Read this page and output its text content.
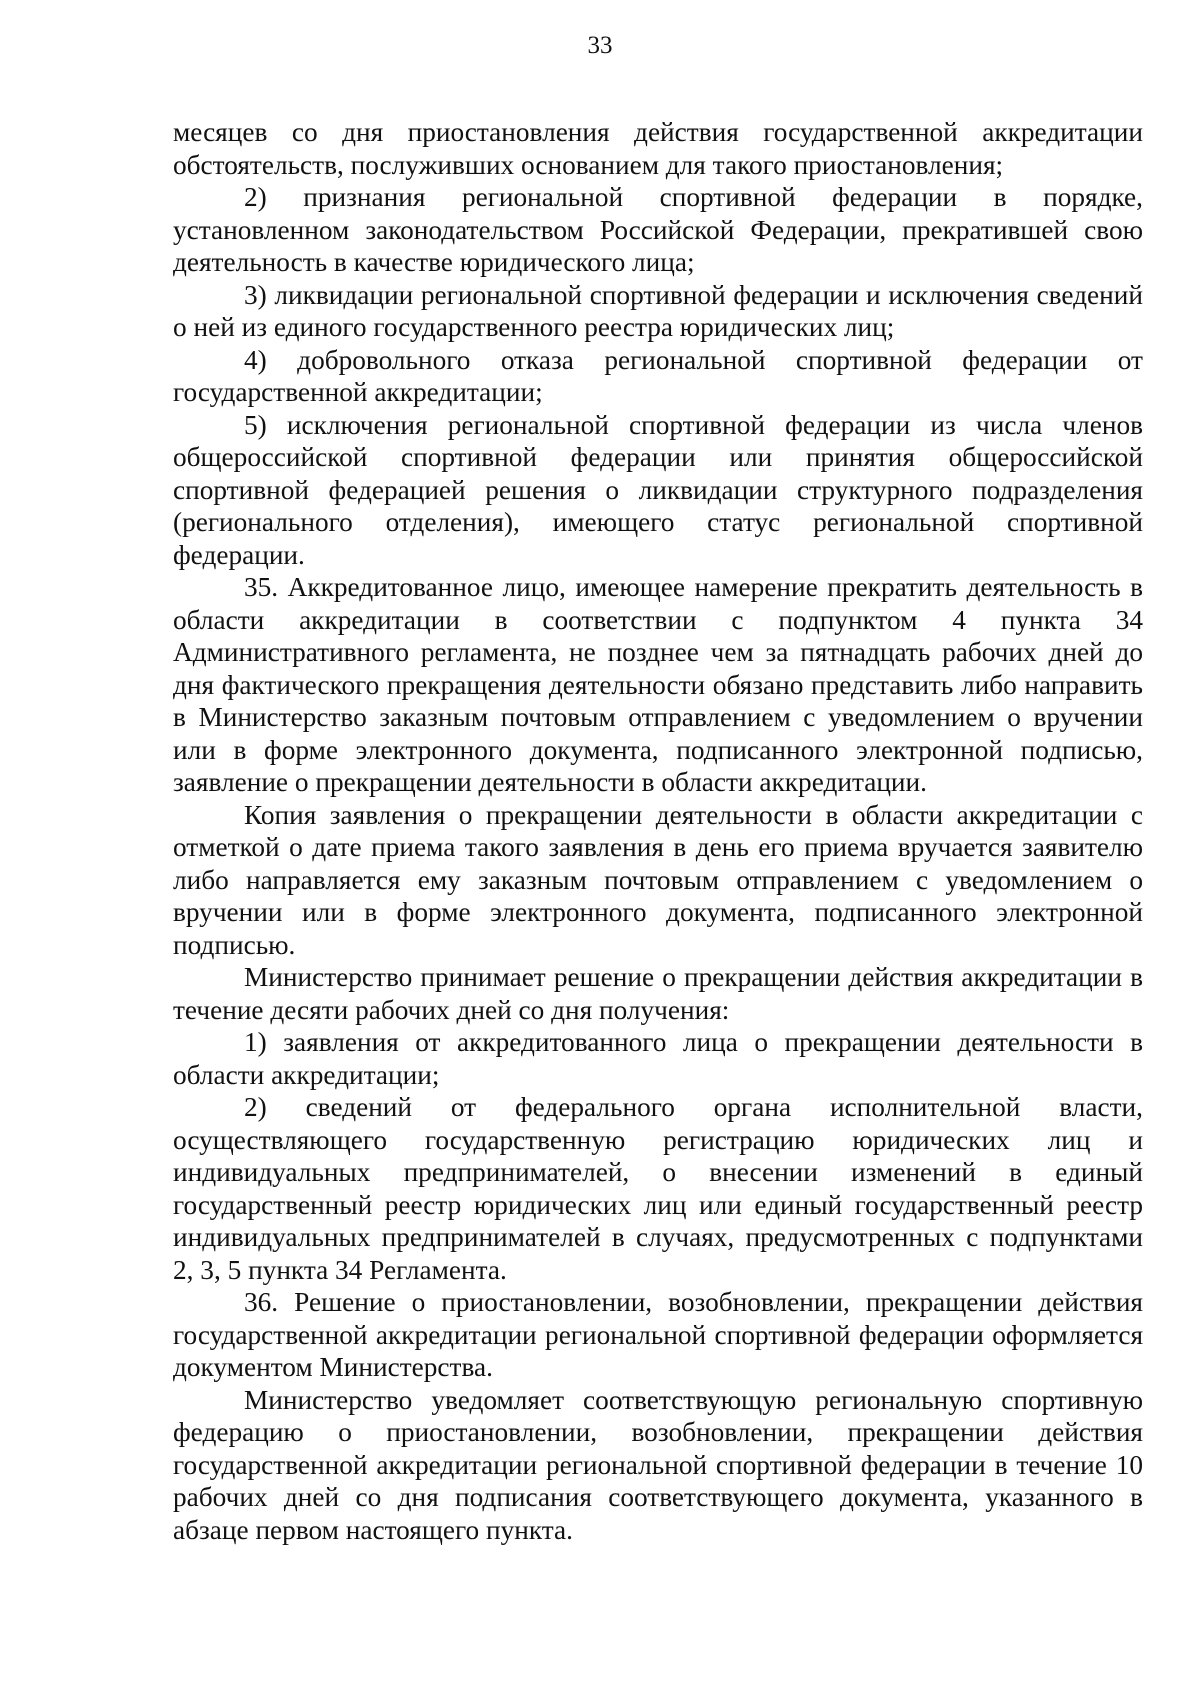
33

месяцев со дня приостановления действия государственной аккредитации обстоятельств, послуживших основанием для такого приостановления;

2) признания региональной спортивной федерации в порядке, установленном законодательством Российской Федерации, прекратившей свою деятельность в качестве юридического лица;

3) ликвидации региональной спортивной федерации и исключения сведений о ней из единого государственного реестра юридических лиц;

4) добровольного отказа региональной спортивной федерации от государственной аккредитации;

5) исключения региональной спортивной федерации из числа членов общероссийской спортивной федерации или принятия общероссийской спортивной федерацией решения о ликвидации структурного подразделения (регионального отделения), имеющего статус региональной спортивной федерации.

35. Аккредитованное лицо, имеющее намерение прекратить деятельность в области аккредитации в соответствии с подпунктом 4 пункта 34 Административного регламента, не позднее чем за пятнадцать рабочих дней до дня фактического прекращения деятельности обязано представить либо направить в Министерство заказным почтовым отправлением с уведомлением о вручении или в форме электронного документа, подписанного электронной подписью, заявление о прекращении деятельности в области аккредитации.

Копия заявления о прекращении деятельности в области аккредитации с отметкой о дате приема такого заявления в день его приема вручается заявителю либо направляется ему заказным почтовым отправлением с уведомлением о вручении или в форме электронного документа, подписанного электронной подписью.

Министерство принимает решение о прекращении действия аккредитации в течение десяти рабочих дней со дня получения:

1) заявления от аккредитованного лица о прекращении деятельности в области аккредитации;

2) сведений от федерального органа исполнительной власти, осуществляющего государственную регистрацию юридических лиц и индивидуальных предпринимателей, о внесении изменений в единый государственный реестр юридических лиц или единый государственный реестр индивидуальных предпринимателей в случаях, предусмотренных с подпунктами 2, 3, 5 пункта 34 Регламента.

36. Решение о приостановлении, возобновлении, прекращении действия государственной аккредитации региональной спортивной федерации оформляется документом Министерства.

Министерство уведомляет соответствующую региональную спортивную федерацию о приостановлении, возобновлении, прекращении действия государственной аккредитации региональной спортивной федерации в течение 10 рабочих дней со дня подписания соответствующего документа, указанного в абзаце первом настоящего пункта.
